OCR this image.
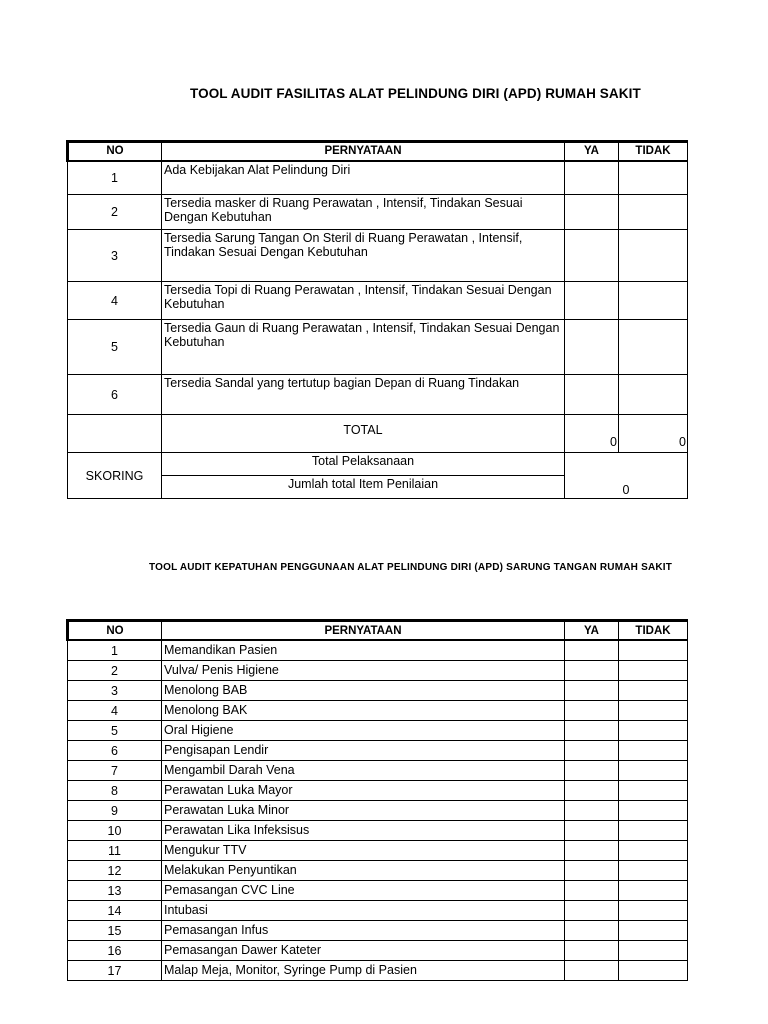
TOOL AUDIT FASILITAS ALAT PELINDUNG DIRI (APD) RUMAH SAKIT
NO	PERNYATAAN	YA	TIDAK
1	Ada Kebijakan Alat Pelindung Diri		
2	Tersedia masker di Ruang Perawatan , Intensif, Tindakan Sesuai Dengan Kebutuhan		
3	Tersedia Sarung Tangan On Steril di Ruang Perawatan , Intensif, Tindakan Sesuai Dengan Kebutuhan		
4	Tersedia Topi di Ruang Perawatan , Intensif, Tindakan Sesuai Dengan Kebutuhan		
5	Tersedia Gaun di Ruang Perawatan , Intensif, Tindakan Sesuai Dengan Kebutuhan		
6	Tersedia Sandal yang tertutup bagian Depan di Ruang Tindakan		
	TOTAL	0	0
SKORING	Total Pelaksanaan	0	
	Jumlah total Item Penilaian		
TOOL AUDIT KEPATUHAN PENGGUNAAN ALAT PELINDUNG DIRI (APD) SARUNG TANGAN RUMAH SAKIT
NO	PERNYATAAN	YA	TIDAK
1	Memandikan Pasien		
2	Vulva/ Penis Higiene		
3	Menolong BAB		
4	Menolong BAK		
5	Oral Higiene		
6	Pengisapan Lendir		
7	Mengambil Darah Vena		
8	Perawatan Luka Mayor		
9	Perawatan Luka Minor		
10	Perawatan Lika Infeksisus		
11	Mengukur TTV		
12	Melakukan Penyuntikan		
13	Pemasangan CVC Line		
14	Intubasi		
15	Pemasangan Infus		
16	Pemasangan Dawer Kateter		
17	Malap Meja, Monitor, Syringe Pump di Pasien		
